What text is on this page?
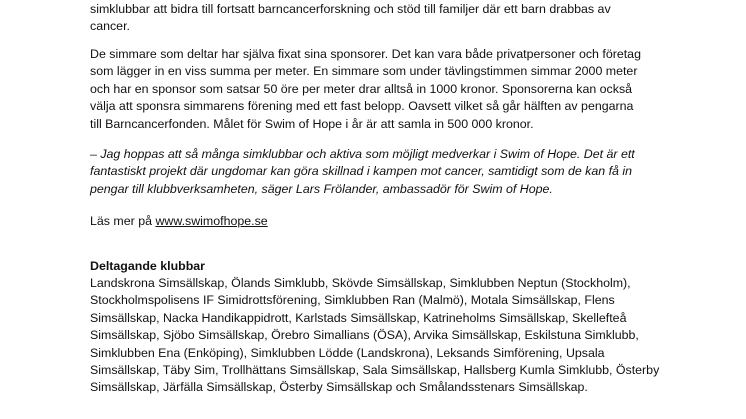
simklubbar att bidra till fortsatt barncancerforskning och stöd till familjer där ett barn drabbas av
cancer.
De simmare som deltar har själva fixat sina sponsorer. Det kan vara både privatpersoner och företag
som lägger in en viss summa per meter. En simmare som under tävlingstimmen simmar 2000 meter
och har en sponsor som satsar 50 öre per meter drar alltså in 1000 kronor. Sponsorerna kan också
välja att sponsra simmarens förening med ett fast belopp. Oavsett vilket så går hälften av pengarna
till Barncancerfonden. Målet för Swim of Hope i år är att samla in 500 000 kronor.
– Jag hoppas att så många simklubbar och aktiva som möjligt medverkar i Swim of Hope. Det är ett
fantastiskt projekt där ungdomar kan göra skillnad i kampen mot cancer, samtidigt som de kan få in
pengar till klubbverksamheten, säger Lars Frölander, ambassadör för Swim of Hope.
Läs mer på www.swimofhope.se
Deltagande klubbar
Landskrona Simsällskap, Ölands Simklubb, Skövde Simsällskap, Simklubben Neptun (Stockholm),
Stockholmspolisens IF Simidrottsförening, Simklubben Ran (Malmö), Motala Simsällskap, Flens
Simsällskap, Nacka Handikappidrott, Karlstads Simsällskap, Katrineholms Simsällskap, Skellefteå
Simsällskap, Sjöbo Simsällskap, Örebro Simallians (ÖSA), Arvika Simsällskap, Eskilstuna Simklubb,
Simklubben Ena (Enköping), Simklubben Lödde (Landskrona), Leksands Simförening, Upsala
Simsällskap, Täby Sim, Trollhättans Simsällskap, Sala Simsällskap, Hallsberg Kumla Simklubb, Österby
Simsällskap, Järfälla Simsällskap, Österby Simsällskap och Smålandsstenars Simsällskap.
